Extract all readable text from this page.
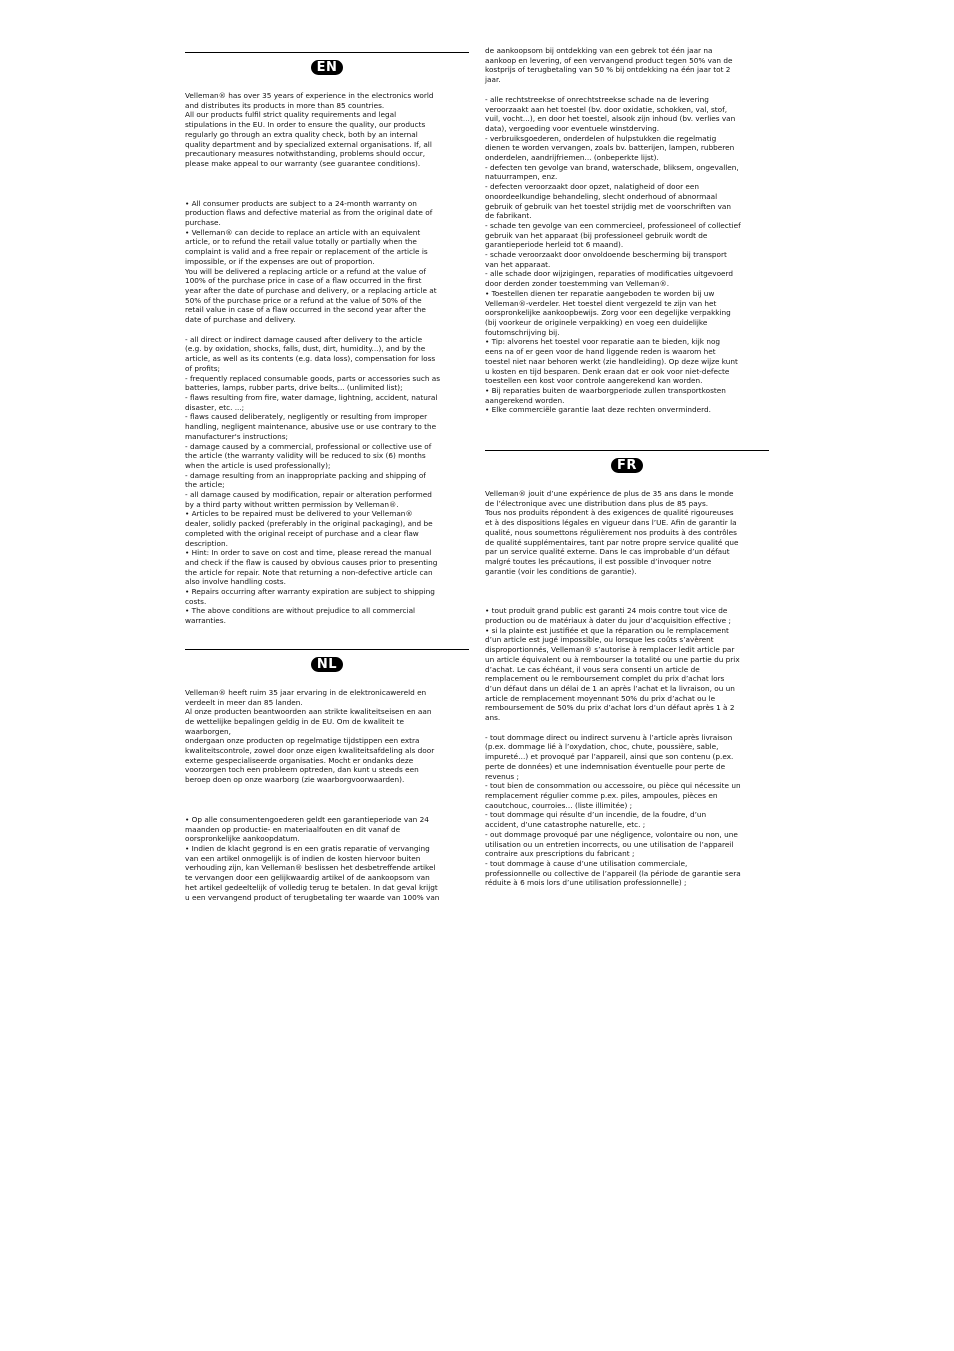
EN

Velleman® has over 35 years of experience in the electronics world
and distributes its products in more than 85 countries.
All our products fulfil strict quality requirements and legal
stipulations in the EU. In order to ensure the quality, our products
regularly go through an extra quality check, both by an internal
quality department and by specialized external organisations. If, all
precautionary measures notwithstanding, problems should occur,
please make appeal to our warranty (see guarantee conditions).

• All consumer products are subject to a 24-month warranty on
production flaws and defective material as from the original date of
purchase.
• Velleman® can decide to replace an article with an equivalent
article, or to refund the retail value totally or partially when the
complaint is valid and a free repair or replacement of the article is
impossible, or if the expenses are out of proportion.
You will be delivered a replacing article or a refund at the value of
100% of the purchase price in case of a flaw occurred in the first
year after the date of purchase and delivery, or a replacing article at
50% of the purchase price or a refund at the value of 50% of the
retail value in case of a flaw occurred in the second year after the
date of purchase and delivery.

- all direct or indirect damage caused after delivery to the article
(e.g. by oxidation, shocks, falls, dust, dirt, humidity...), and by the
article, as well as its contents (e.g. data loss), compensation for loss
of profits;
- frequently replaced consumable goods, parts or accessories such as
batteries, lamps, rubber parts, drive belts... (unlimited list);
- flaws resulting from fire, water damage, lightning, accident, natural
disaster, etc. ...;
- flaws caused deliberately, negligently or resulting from improper
handling, negligent maintenance, abusive use or use contrary to the
manufacturer's instructions;
- damage caused by a commercial, professional or collective use of
the article (the warranty validity will be reduced to six (6) months
when the article is used professionally);
- damage resulting from an inappropriate packing and shipping of
the article;
- all damage caused by modification, repair or alteration performed
by a third party without written permission by Velleman®.
• Articles to be repaired must be delivered to your Velleman®
dealer, solidly packed (preferably in the original packaging), and be
completed with the original receipt of purchase and a clear flaw
description.
• Hint: In order to save on cost and time, please reread the manual
and check if the flaw is caused by obvious causes prior to presenting
the article for repair. Note that returning a non-defective article can
also involve handling costs.
• Repairs occurring after warranty expiration are subject to shipping
costs.
• The above conditions are without prejudice to all commercial
warranties.

NL

Velleman® heeft ruim 35 jaar ervaring in de elektronicawereld en
verdeelt in meer dan 85 landen.
Al onze producten beantwoorden aan strikte kwaliteitseisen en aan
de wettelijke bepalingen geldig in de EU. Om de kwaliteit te
waarborgen,
ondergaan onze producten op regelmatige tijdstippen een extra
kwaliteitscontrole, zowel door onze eigen kwaliteitsafdeling als door
externe gespecialiseerde organisaties. Mocht er ondanks deze
voorzorgen toch een probleem optreden, dan kunt u steeds een
beroep doen op onze waarborg (zie waarborgvoorwaarden).

• Op alle consumentengoederen geldt een garantieperiode van 24
maanden op productie- en materiaalfouten en dit vanaf de
oorspronkelijke aankoopdatum.
• Indien de klacht gegrond is en een gratis reparatie of vervanging
van een artikel onmogelijk is of indien de kosten hiervoor buiten
verhouding zijn, kan Velleman® beslissen het desbetreffende artikel
te vervangen door een gelijkwaardig artikel of de aankoopsom van
het artikel gedeeltelijk of volledig terug te betalen. In dat geval krijgt
u een vervangend product of terugbetaling ter waarde van 100% van

de aankoopsom bij ontdekking van een gebrek tot één jaar na
aankoop en levering, of een vervangend product tegen 50% van de
kostprijs of terugbetaling van 50 % bij ontdekking na één jaar tot 2
jaar.

- alle rechtstreekse of onrechtstreekse schade na de levering
veroorzaakt aan het toestel (bv. door oxidatie, schokken, val, stof,
vuil, vocht...), en door het toestel, alsook zijn inhoud (bv. verlies van
data), vergoeding voor eventuele winstderving.
- verbruiksgoederen, onderdelen of hulpstukken die regelmatig
dienen te worden vervangen, zoals bv. batterijen, lampen, rubberen
onderdelen, aandrijfriemen... (onbeperkte lijst).
- defecten ten gevolge van brand, waterschade, bliksem, ongevallen,
natuurrampen, enz.
- defecten veroorzaakt door opzet, nalatigheid of door een
onoordeelkundige behandeling, slecht onderhoud of abnormaal
gebruik of gebruik van het toestel strijdig met de voorschriften van
de fabrikant.
- schade ten gevolge van een commercieel, professioneel of collectief
gebruik van het apparaat (bij professioneel gebruik wordt de
garantieperiode herleid tot 6 maand).
- schade veroorzaakt door onvoldoende bescherming bij transport
van het apparaat.
- alle schade door wijzigingen, reparaties of modificaties uitgevoerd
door derden zonder toestemming van Velleman®.
• Toestellen dienen ter reparatie aangeboden te worden bij uw
Velleman®-verdeler. Het toestel dient vergezeld te zijn van het
oorspronkelijke aankoopbewijs. Zorg voor een degelijke verpakking
(bij voorkeur de originele verpakking) en voeg een duidelijke
foutomschrijving bij.
• Tip: alvorens het toestel voor reparatie aan te bieden, kijk nog
eens na of er geen voor de hand liggende reden is waarom het
toestel niet naar behoren werkt (zie handleiding). Op deze wijze kunt
u kosten en tijd besparen. Denk eraan dat er ook voor niet-defecte
toestellen een kost voor controle aangerekend kan worden.
• Bij reparaties buiten de waarborgperiode zullen transportkosten
aangerekend worden.
• Elke commerciële garantie laat deze rechten onverminderd.

FR

Velleman® jouit d’une expérience de plus de 35 ans dans le monde
de l’électronique avec une distribution dans plus de 85 pays.
Tous nos produits répondent à des exigences de qualité rigoureuses
et à des dispositions légales en vigueur dans l’UE. Afin de garantir la
qualité, nous soumettons régulièrement nos produits à des contrôles
de qualité supplémentaires, tant par notre propre service qualité que
par un service qualité externe. Dans le cas improbable d’un défaut
malgré toutes les précautions, il est possible d’invoquer notre
garantie (voir les conditions de garantie).

• tout produit grand public est garanti 24 mois contre tout vice de
production ou de matériaux à dater du jour d’acquisition effective ;
• si la plainte est justifiée et que la réparation ou le remplacement
d’un article est jugé impossible, ou lorsque les coûts s’avèrent
disproportionnés, Velleman® s’autorise à remplacer ledit article par
un article équivalent ou à rembourser la totalité ou une partie du prix
d’achat. Le cas échéant, il vous sera consenti un article de
remplacement ou le remboursement complet du prix d’achat lors
d’un défaut dans un délai de 1 an après l’achat et la livraison, ou un
article de remplacement moyennant 50% du prix d’achat ou le
remboursement de 50% du prix d’achat lors d’un défaut après 1 à 2
ans.

- tout dommage direct ou indirect survenu à l’article après livraison
(p.ex. dommage lié à l’oxydation, choc, chute, poussière, sable,
impureté…) et provoqué par l’appareil, ainsi que son contenu (p.ex.
perte de données) et une indemnisation éventuelle pour perte de
revenus ;
- tout bien de consommation ou accessoire, ou pièce qui nécessite un
remplacement régulier comme p.ex. piles, ampoules, pièces en
caoutchouc, courroies… (liste illimitée) ;
- tout dommage qui résulte d’un incendie, de la foudre, d’un
accident, d’une catastrophe naturelle, etc. ;
- out dommage provoqué par une négligence, volontaire ou non, une
utilisation ou un entretien incorrects, ou une utilisation de l’appareil
contraire aux prescriptions du fabricant ;
- tout dommage à cause d’une utilisation commerciale,
professionnelle ou collective de l’appareil (la période de garantie sera
réduite à 6 mois lors d’une utilisation professionnelle) ;
